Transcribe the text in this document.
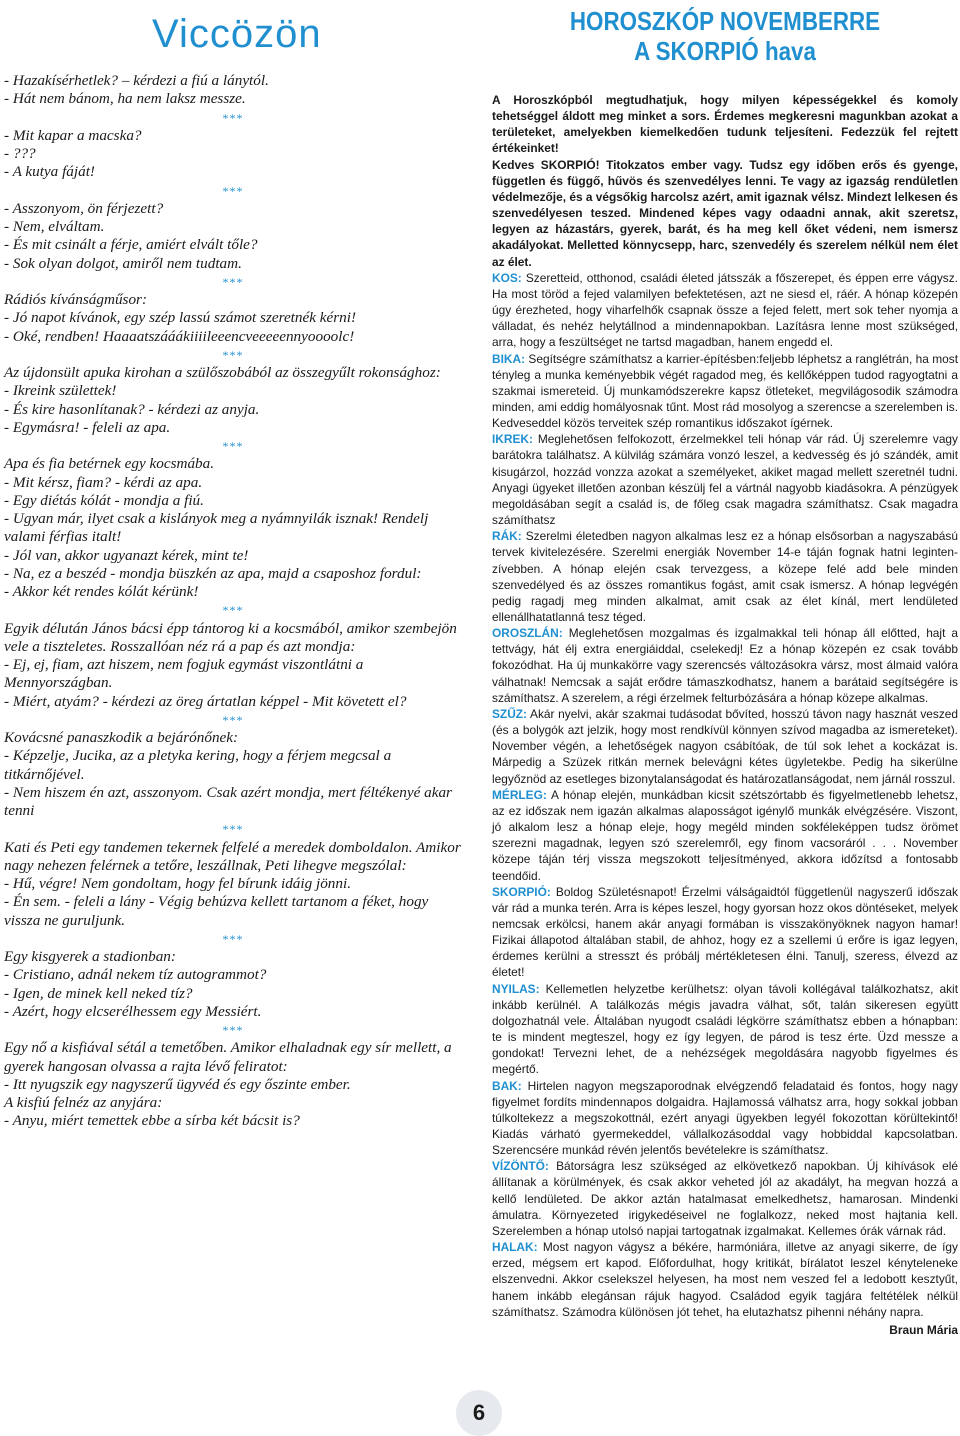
Viccözön

- Hazakísérhetlek? – kérdezi a fiú a lánytól.

- Hát nem bánom, ha nem laksz messze.

***

- Mit kapar a macska?

- ???

- A kutya fáját!

***

- Asszonyom, ön férjezett?

- Nem, elváltam.

- És mit csinált a férje, amiért elvált tőle?

- Sok olyan dolgot, amiről nem tudtam.

***

Rádiós kívánságműsor:

- Jó napot kívánok, egy szép lassú számot szeretnék kérni!

- Oké, rendben! Haaaatszááákiiiileeencveeeeennyoooolc!

***

Az újdonsült apuka kirohan a szülőszobából az összegyűlt rokonsághoz:

- Ikreink születtek!

- És kire hasonlítanak? - kérdezi az anyja.

- Egymásra! - feleli az apa.

***

Apa és fia betérnek egy kocsmába.

- Mit kérsz, fiam? - kérdi az apa.

- Egy diétás kólát - mondja a fiú.

- Ugyan már, ilyet csak a kislányok meg a nyámnyilák isznak! Rendelj valami férfias italt!

- Jól van, akkor ugyanazt kérek, mint te!

- Na, ez a beszéd - mondja büszkén az apa, majd a csaposhoz fordul:

- Akkor két rendes kólát kérünk!

***

Egyik délután János bácsi épp tántorog ki a kocsmából, amikor szembejön vele a tiszteletes. Rosszallóan néz rá a pap és azt mondja:

- Ej, ej, fiam, azt hiszem, nem fogjuk egymást viszontlátni a Mennyországban.

- Miért, atyám? - kérdezi az öreg ártatlan képpel - Mit követett el?

***

Kovácsné panaszkodik a bejárónőnek:

- Képzelje, Jucika, az a pletyka kering, hogy a férjem megcsal a titkárnőjével.

- Nem hiszem én azt, asszonyom. Csak azért mondja, mert féltékenyé akar tenni

***

Kati és Peti egy tandemen tekernek felfelé a meredek domboldalon. Amikor nagy nehezen felérnek a tetőre, leszállnak, Peti lihegve megszólal:

- Hű, végre! Nem gondoltam, hogy fel bírunk idáig jönni.

- Én sem. - feleli a lány - Végig behúzva kellett tartanom a féket, hogy vissza ne guruljunk.

***

Egy kisgyerek a stadionban:

- Cristiano, adnál nekem tíz autogrammot?

- Igen, de minek kell neked tíz?

- Azért, hogy elcserélhessem egy Messiért.

***

Egy nő a kisfiával sétál a temetőben. Amikor elhaladnak egy sír mellett, a gyerek hangosan olvassa a rajta lévő feliratot:

- Itt nyugszik egy nagyszerű ügyvéd és egy őszinte ember.

A kisfiú felnéz az anyjára:

- Anyu, miért temettek ebbe a sírba két bácsit is?

HOROSZKÓP NOVEMBERRE
A SKORPIÓ hava

A Horoszkópból megtudhatjuk, hogy milyen képességekkel és komoly tehetséggel áldott meg minket a sors. Érdemes megkeresni magunkban azokat a területeket, amelyekben kiemelkedően tudunk teljesíteni. Fedezzük fel rejtett értékeinket!

Kedves SKORPIÓ! Titokzatos ember vagy. Tudsz egy időben erős és gyenge, független és függő, hűvös és szenvedélyes lenni. Te vagy az igazság rendületlen védelmezője, és a végsőkig harcolsz azért, amit igaznak vélsz. Mindezt lelkesen és szenvedélyesen teszed. Mindened képes vagy odaadni annak, akit szeretsz, legyen az házastárs, gyerek, barát, és ha meg kell őket védeni, nem ismersz akadályokat. Melletted könnycsepp, harc, szenvedély és szerelem nélkül nem élet az élet.

KOS: Szeretteid, otthonod, családi életed játsszák a főszerepet, és éppen erre vágysz. Ha most töröd a fejed valamilyen befektetésen, azt ne siesd el, ráér. A hónap közepén úgy érezheted, hogy viharfelhők csapnak össze a fejed felett, mert sok teher nyomja a válladat, és nehéz helytállnod a mindennapokban. Lazításra lenne most szükséged, arra, hogy a feszültséget ne tartsd magadban, hanem engedd el.

BIKA: Segítségre számíthatsz a karrier-építésben:feljebb léphetsz a ranglétrán, ha most tényleg a munka keményebbik végét ragadod meg, és kellőképpen tudod ragyogtatni a szakmai ismereteid. Új munkamódszerekre kapsz ötleteket, megvilágosodik számodra minden, ami eddig homályosnak tűnt. Most rád mosolyog a szerencse a szerelemben is. Kedveseddel közös terveitek szép romantikus időszakot ígérnek.

IKREK: Meglehetősen felfokozott, érzelmekkel teli hónap vár rád. Új szerelemre vagy barátokra találhatsz. A külvilág számára vonzó leszel, a kedvesség és jó szándék, amit kisugárzol, hozzád vonzza azokat a személyeket, akiket magad mellett szeretnél tudni. Anyagi ügyeket illetően azonban készülj fel a vártnál nagyobb kiadásokra. A pénzügyek megoldásában segít a család is, de főleg csak magadra számíthatsz. Csak magadra számíthatsz

RÁK: Szerelmi életedben nagyon alkalmas lesz ez a hónap elsősorban a nagyszabású tervek kivitelezésére. Szerelmi energiák November 14-e táján fognak hatni legintenzívebben. A hónap elején csak tervezgess, a közepe felé add bele minden szenvedélyed és az összes romantikus fogást, amit csak ismersz. A hónap legvégén pedig ragadj meg minden alkalmat, amit csak az élet kínál, mert lendületed ellenállhatatlanná tesz téged.

OROSZLÁN: Meglehetősen mozgalmas és izgalmakkal teli hónap áll előtted, hajt a tettvágy, hát élj extra energiáiddal, cselekedj! Ez a hónap közepén ez csak tovább fokozódhat. Ha új munkakörre vagy szerencsés változásokra vársz, most álmaid valóra válhatnak! Nemcsak a saját erődre támaszkodhatsz, hanem a barátaid segítségére is számíthatsz. A szerelem, a régi érzelmek felturbózására a hónap közepe alkalmas.

SZŰZ: Akár nyelvi, akár szakmai tudásodat bővíted, hosszú távon nagy hasznát veszed (és a bolygók azt jelzik, hogy most rendkívül könnyen szívod magadba az ismereteket). November végén, a lehetőségek nagyon csábítóak, de túl sok lehet a kockázat is. Márpedig a Szüzek ritkán mernek belevágni kétes ügyletekbe. Pedig ha sikerülne legyőznöd az esetleges bizonytalanságodat és határozatlanságodat, nem járnál rosszul.

MÉRLEG: A hónap elején, munkádban kicsit szétszórtabb és figyelmetlenebb lehetsz, az ez időszak nem igazán alkalmas alaposságot igénylő munkák elvégzésére. Viszont, jó alkalom lesz a hónap eleje, hogy megéld minden sokféleképpen tudsz örömet szerezni magadnak, legyen szó szerelemről, egy finom vacsoráról . . . November közepe táján térj vissza megszokott teljesítményed, akkora időzítsd a fontosabb teendőid.

SKORPIÓ: Boldog Születésnapot! Érzelmi válságaidtól függetlenül nagyszerű időszak vár rád a munka terén. Arra is képes leszel, hogy gyorsan hozz okos döntéseket, melyek nemcsak erkölcsi, hanem akár anyagi formában is visszakönyöknek nagyon hamar! Fizikai állapotod általában stabil, de ahhoz, hogy ez a szellemi ú erőre is igaz legyen, érdemes kerülni a stresszt és próbálj mértékletesen élni. Tanulj, szeress, élvezd az életet!

NYILAS: Kellemetlen helyzetbe kerülhetsz: olyan távoli kollégával találkozhatsz, akit inkább kerülnél. A találkozás mégis javadra válhat, sőt, talán sikeresen együtt dolgozhatnál vele. Általában nyugodt családi légkörre számíthatsz ebben a hónapban: te is mindent megteszel, hogy ez így legyen, de párod is tesz érte. Üzd messze a gondokat! Tervezni lehet, de a nehézségek megoldására nagyobb figyelmes és megértő.

BAK: Hirtelen nagyon megszaporodnak elvégzendő feladataid és fontos, hogy nagy figyelmet fordíts mindennapos dolgaidra. Hajlamossá válhatsz arra, hogy sokkal jobban túlkoltekezz a megszokottnál, ezért anyagi ügyekben legyél fokozottan körültekintő! Kiadás várható gyermekeddel, vállalkozásoddal vagy hobbiddal kapcsolatban. Szerencsére munkád révén jelentős bevételekre is számíthatsz.

VÍZÖNTŐ: Bátorságra lesz szükséged az elkövetkező napokban. Új kihívások elé állítanak a körülmények, és csak akkor veheted jól az akadályt, ha megvan hozzá a kellő lendületed. De akkor aztán hatalmasat emelkedhetsz, hamarosan. Mindenki ámulatra. Környezeted irigykedéseivel ne foglalkozz, neked most hajtania kell. Szerelemben a hónap utolsó napjai tartogatnak izgalmakat. Kellemes órák várnak rád.

HALAK: Most nagyon vágysz a békére, harmóniára, illetve az anyagi sikerre, de így erzed, mégsem ert kapod. Előfordulhat, hogy kritikát, bírálatot leszel kényteleneke elszenvedni. Akkor cselekszel helyesen, ha most nem veszed fel a ledobott kesztyűt, hanem inkább elegánsan rájuk hagyod. Családod egyik tagjára feltétélek nélkül számíthatsz. Számodra különösen jót tehet, ha elutazhatsz pihenni néhány napra.

Braun Mária

6
